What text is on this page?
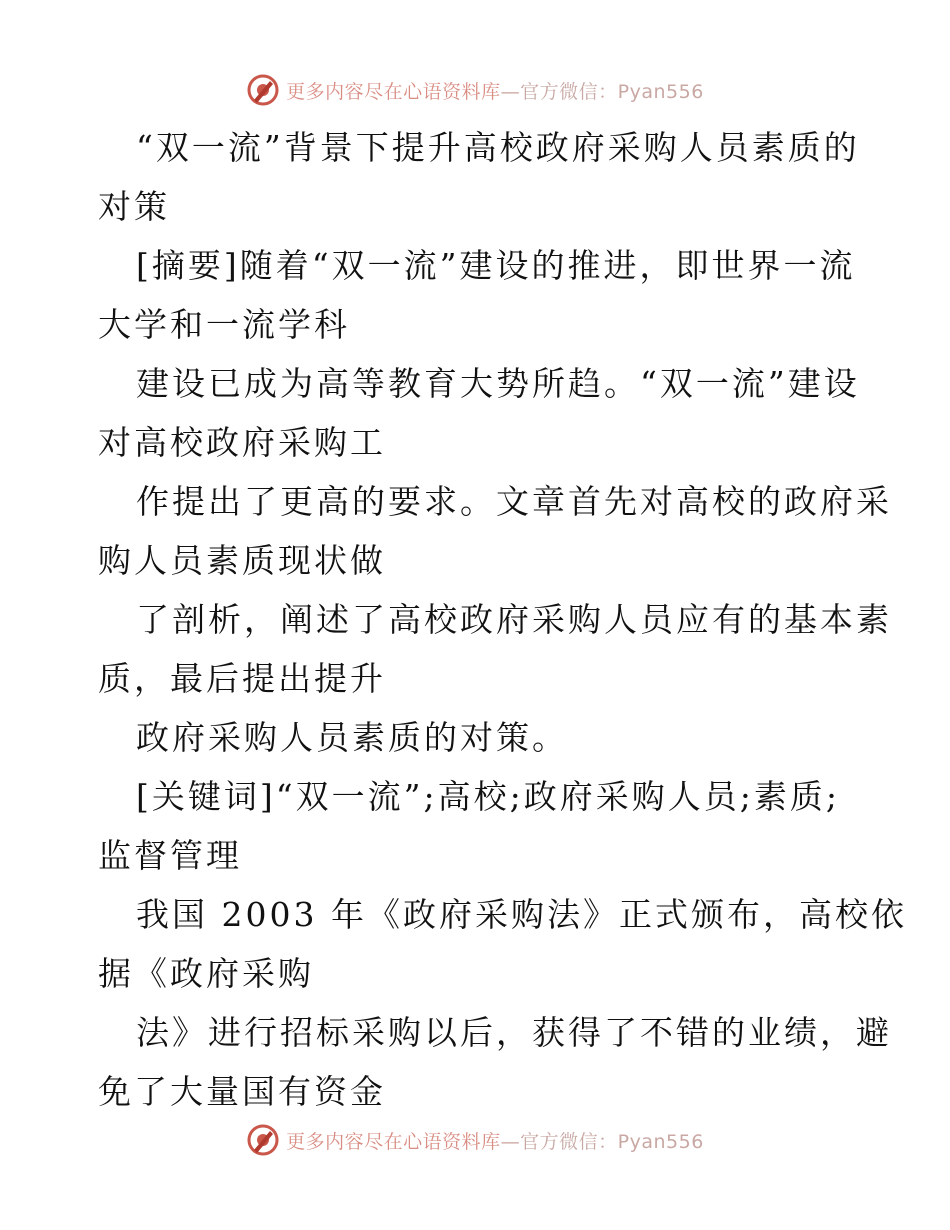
更多内容尽在心语资料库—官方微信：Pyan556

“双一流”背景下提升高校政府采购人员素质的

对策

[摘要]随着“双一流”建设的推进，即世界一流

大学和一流学科

建设已成为高等教育大势所趋。“双一流”建设

对高校政府采购工

作提出了更高的要求。文章首先对高校的政府采

购人员素质现状做

了剖析，阐述了高校政府采购人员应有的基本素

质，最后提出提升

政府采购人员素质的对策。

[关键词]“双一流”;高校;政府采购人员;素质;

监督管理

我国 2003 年《政府采购法》正式颁布，高校依

据《政府采购

法》进行招标采购以后，获得了不错的业绩，避

免了大量国有资金

更多内容尽在心语资料库—官方微信：Pyan556
